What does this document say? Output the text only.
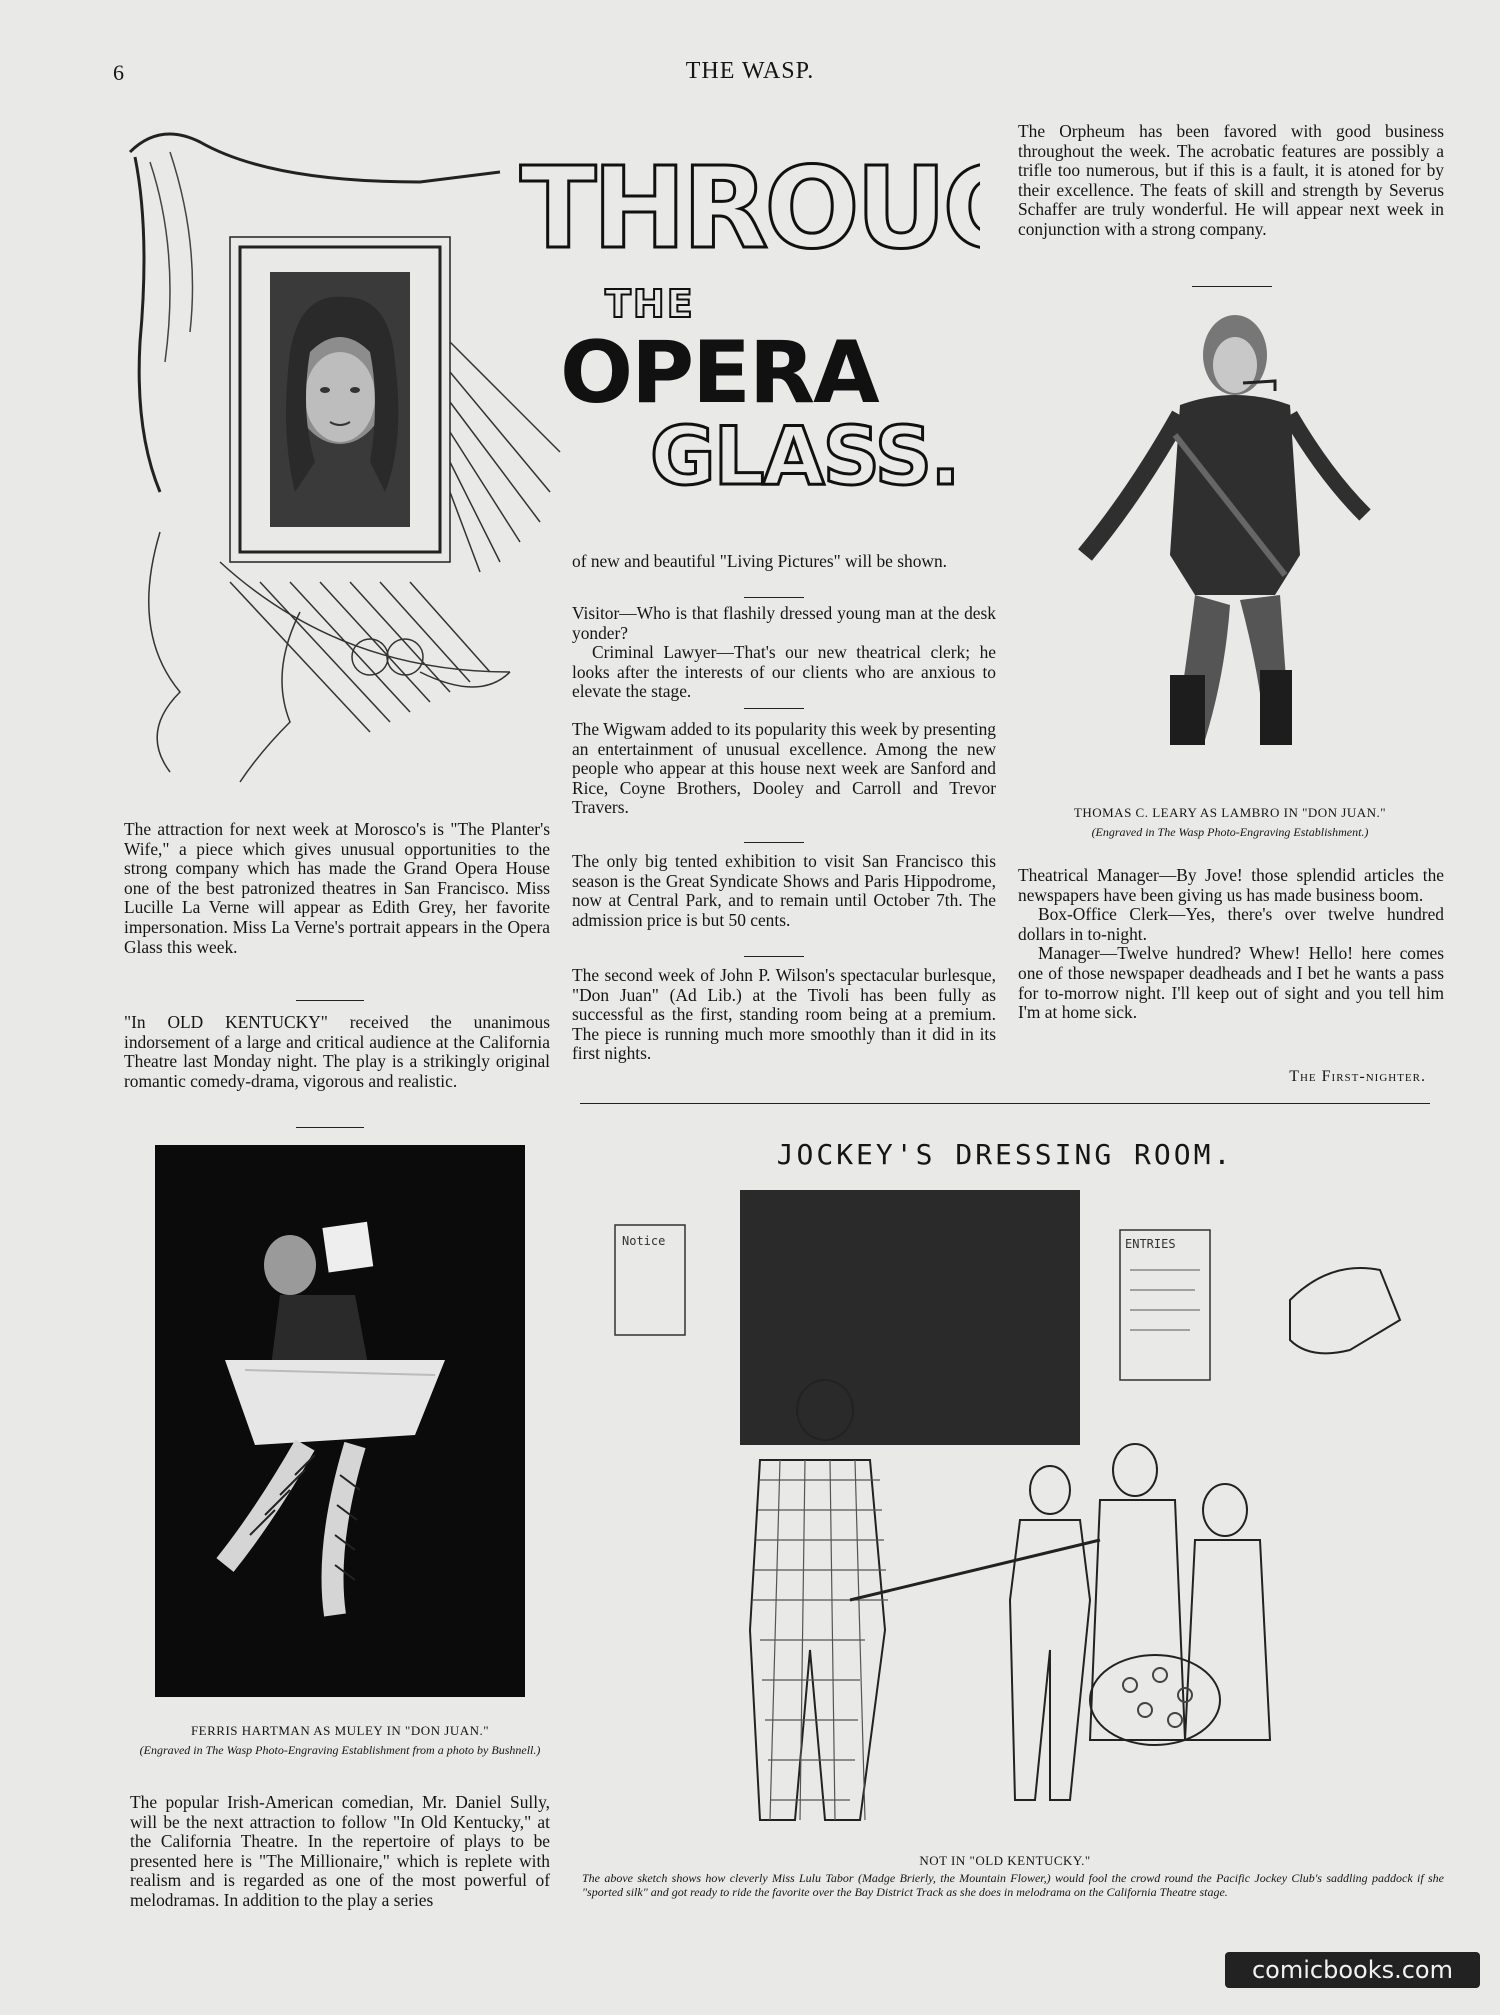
6	THE WASP.
THROU
THE
OPERA
GLASS.

The attraction for next week at Morosco's is "The Planter's Wife," a piece which gives unusual opportunities to the strong company which has made the Grand Opera House one of the best patronized theatres in San Francisco. Miss Lucille La Verne will appear as Edith Grey, her favorite impersonation. Miss La Verne's portrait appears in the Opera Glass this week.

"In OLD KENTUCKY" received the unanimous indorsement of a large and critical audience at the California Theatre last Monday night. The play is a strikingly original romantic comedy-drama, vigorous and realistic.

of new and beautiful "Living Pictures" will be shown.

Visitor—Who is that flashily dressed young man at the desk yonder?

Criminal Lawyer—That's our new theatrical clerk; he looks after the interests of our clients who are anxious to elevate the stage.

The Wigwam added to its popularity this week by presenting an entertainment of unusual excellence. Among the new people who appear at this house next week are Sanford and Rice, Coyne Brothers, Dooley and Carroll and Trevor Travers.

The only big tented exhibition to visit San Francisco this season is the Great Syndicate Shows and Paris Hippodrome, now at Central Park, and to remain until October 7th. The admission price is but 50 cents.

The second week of John P. Wilson's spectacular burlesque, "Don Juan" (Ad Lib.) at the Tivoli has been fully as successful as the first, standing room being at a premium. The piece is running much more smoothly than it did in its first nights.

The Orpheum has been favored with good business throughout the week. The acrobatic features are possibly a trifle too numerous, but if this is a fault, it is atoned for by their excellence. The feats of skill and strength by Severus Schaffer are truly wonderful. He will appear next week in conjunction with a strong company.

THOMAS C. LEARY AS LAMBRO IN "DON JUAN."
(Engraved in The Wasp Photo-Engraving Establishment.)

Theatrical Manager—By Jove! those splendid articles the newspapers have been giving us has made business boom.

Box-Office Clerk—Yes, there's over twelve hundred dollars in to-night.

Manager—Twelve hundred? Whew! Hello! here comes one of those newspaper deadheads and I bet he wants a pass for to-morrow night. I'll keep out of sight and you tell him I'm at home sick.

The First-nighter.
FERRIS HARTMAN AS MULEY IN "DON JUAN."
(Engraved in The Wasp Photo-Engraving Establishment from a photo by Bushnell.)

The popular Irish-American comedian, Mr. Daniel Sully, will be the next attraction to follow "In Old Kentucky," at the California Theatre. In the repertoire of plays to be presented here is "The Millionaire," which is replete with realism and is regarded as one of the most powerful of melodramas. In addition to the play a series

JOCKEY'S DRESSING ROOM.
Notice	ENTRIES
NOT IN "OLD KENTUCKY."
The above sketch shows how cleverly Miss Lulu Tabor (Madge Brierly, the Mountain Flower,) would fool the crowd round the Pacific Jockey Club's saddling paddock if she "sported silk" and got ready to ride the favorite over the Bay District Track as she does in melodrama on the California Theatre stage.
comicbooks.com
